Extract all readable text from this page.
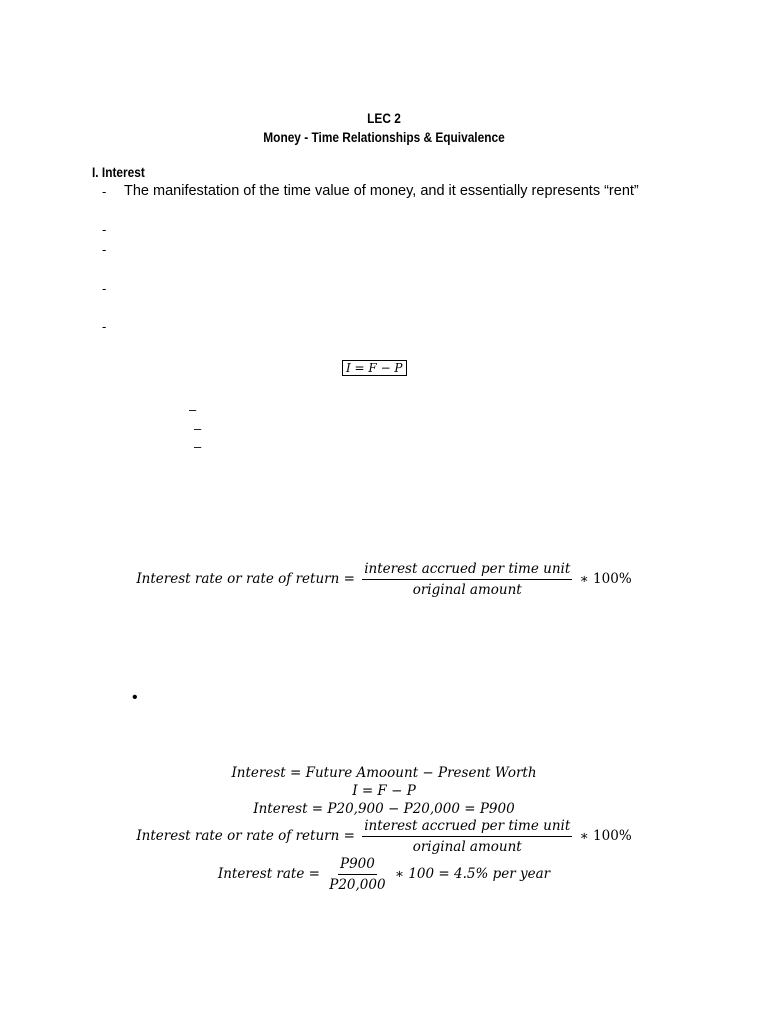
LEC 2
Money - Time Relationships & Equivalence
I. Interest
- The manifestation of the time value of money, and it essentially represents “rent”
-
-
-
-
I = F − P
–
–
–
Interest rate or rate of return = $\frac{\text{interest accrued per time unit}}{\text{original amount}}$ ∗ 100%
•
Interest = Future Amoount − Present Worth
I = F − P
Interest = P20,900 − P20,000 = P900
Interest rate or rate of return = $\frac{\text{interest accrued per time unit}}{\text{original amount}}$ ∗ 100%
Interest rate = $\frac{P900}{P20,000}$ ∗ 100 = 4.5% per year
